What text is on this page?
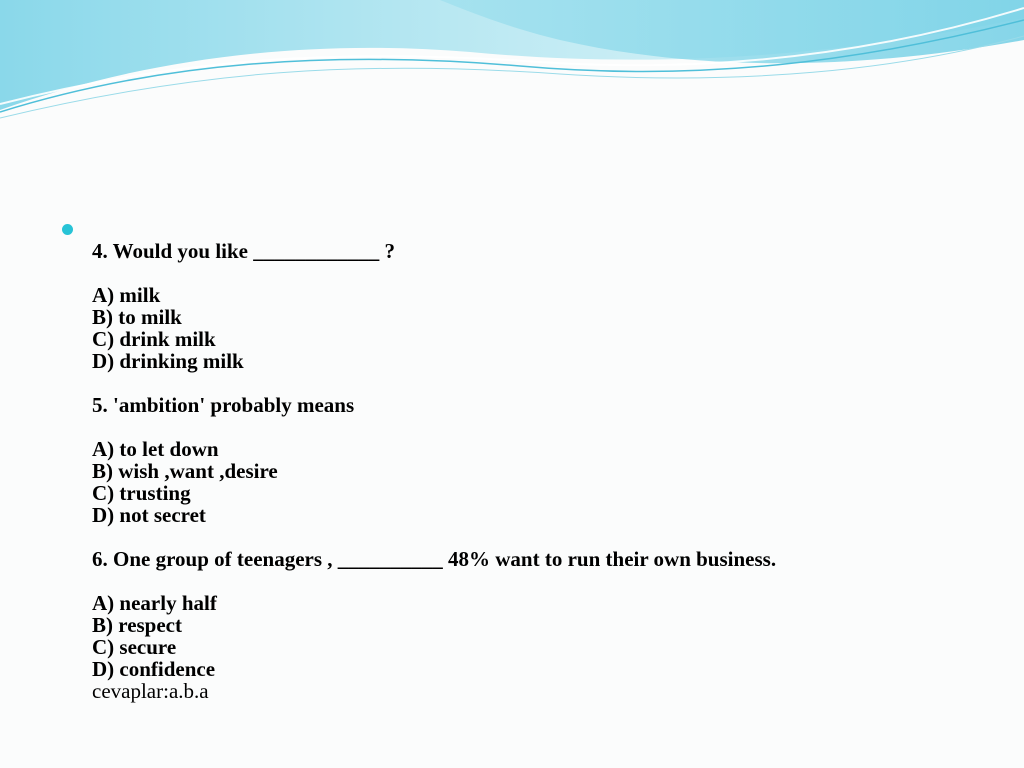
4. Would you like ____________ ?
A) milk
B) to milk
C) drink milk
D) drinking milk
5. 'ambition' probably means
A) to let down
B) wish ,want ,desire
C) trusting
D) not secret
6. One group of teenagers , __________ 48% want to run their own business.
A) nearly half
B) respect
C) secure
D) confidence
cevaplar:a.b.a
